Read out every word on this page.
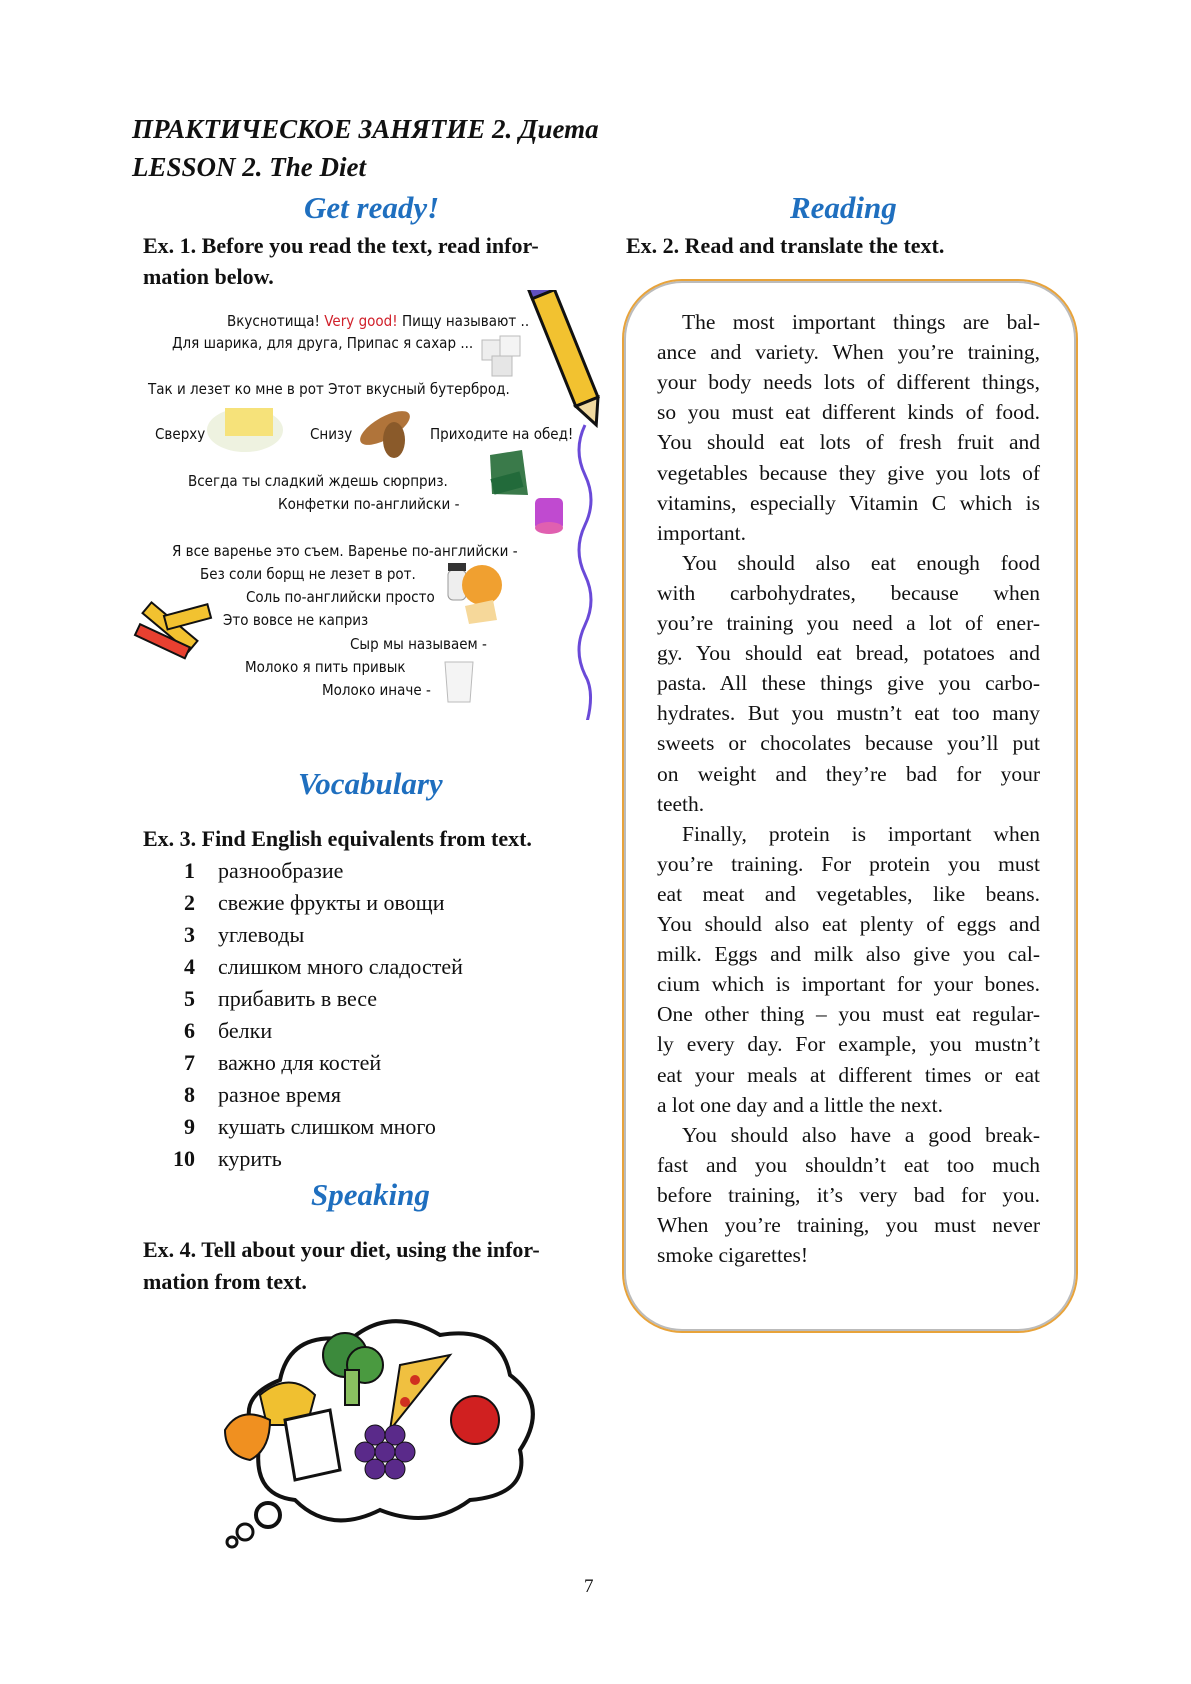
ПРАКТИЧЕСКОЕ ЗАНЯТИЕ 2. Диета
LESSON 2. The Diet
Get ready!	Reading
Ex. 1. Before you read the text, read infor-
mation below.
Ex. 2. Read and translate the text.
Вкуснотища! Very good! Пищу называют ..
Для шарика, для друга, Припас я сахар ...
Так и лезет ко мне в рот Этот вкусный бутерброд.
Сверху	Снизу	Приходите на обед!
Всегда ты сладкий ждешь сюрприз.
Конфетки по-английски -
Я все варенье это съем. Варенье по-английски -
Без соли борщ не лезет в рот.
Соль по-английски просто
Это вовсе не каприз
Сыр мы называем -
Молоко я пить привык
Молоко иначе -
Vocabulary
Ex. 3. Find English equivalents from text.
1 разнообразие
2 свежие фрукты и овощи
3 углеводы
4 слишком много сладостей
5 прибавить в весе
6 белки
7 важно для костей
8 разное время
9 кушать слишком много
10 курить
Speaking
Ex. 4. Tell about your diet, using the infor-
mation from text.
The most important things are bal-
ance and variety. When you’re training,
your body needs lots of different things,
so you must eat different kinds of food.
You should eat lots of fresh fruit and
vegetables because they give you lots of
vitamins, especially Vitamin C which is
important.
You should also eat enough food
with carbohydrates, because when
you’re training you need a lot of ener-
gy. You should eat bread, potatoes and
pasta. All these things give you carbo-
hydrates. But you mustn’t eat too many
sweets or chocolates because you’ll put
on weight and they’re bad for your
teeth.
Finally, protein is important when
you’re training. For protein you must
eat meat and vegetables, like beans.
You should also eat plenty of eggs and
milk. Eggs and milk also give you cal-
cium which is important for your bones.
One other thing – you must eat regular-
ly every day. For example, you mustn’t
eat your meals at different times or eat
a lot one day and a little the next.
You should also have a good break-
fast and you shouldn’t eat too much
before training, it’s very bad for you.
When you’re training, you must never
smoke cigarettes!
7
